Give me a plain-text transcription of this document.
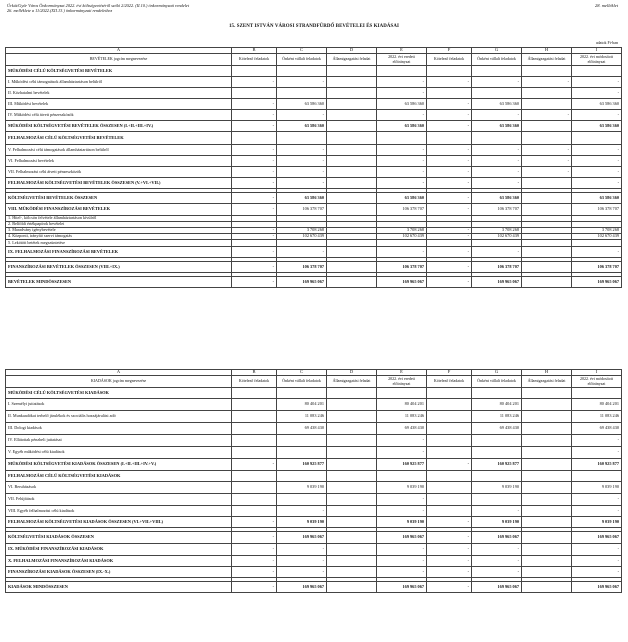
Úrkút/Győr Város Önkormányzat 2022. évi költségvetéséről szóló 2/2022. (II.10.) önkormányzati rendelet
26. melléklete a 11/2022.(XII.13.) önkormányzati rendelethez
28. melléklet
15. SZENT ISTVÁN VÁROSI STRANDFÜRDŐ BEVÉTELEI ÉS KIADÁSAI
adatok Ft-ban
A	B	C	D	E	F	G	H	I
BEVÉTELEK jogcím megnevezése	Kötelező feladatok	Önként vállalt feladatok	Államigazgatási feladat	2022. évi eredeti előirányzat	Kötelező feladatok	Önként vállalt feladatok	Államigazgatási feladat	2022. évi módosított előirányzat
MŰKÖDÉSI CÉLÚ KÖLTSÉGVETÉSI BEVÉTELEK								
I. Működési célú támogatások államháztartáson belülről	-	-		-	-	-	-	-
II. Közhatalmi bevételek				-				-
III. Működési bevételek	-	63 586 360		63 586 360	-	63 586 360		63 586 360
IV. Működési célú átvett pénzeszközök	-	-		-	-	-	-	-
MŰKÖDÉSI KÖLTSÉGVETÉSI BEVÉTELEK ÖSSZESEN (I.+II.+III.+IV.)	-	63 586 360		63 586 360	-	63 586 360		63 586 360
FELHALMOZÁSI CÉLÚ KÖLTSÉGVETÉSI BEVÉTELEK								
V. Felhalmozási célú támogatások államháztartáson belülről	-	-		-	-	-	-	-
VI. Felhalmozási bevételek	-	-		-	-	-	-	-
VII. Felhalmozási célú átvett pénzeszközök	-	-		-	-	-	-	-
FELHALMOZÁSI KÖLTSÉGVETÉSI BEVÉTELEK ÖSSZESEN (V.+VI.+VII.)	-	-		-	-	-		-

KÖLTSÉGVETÉSI BEVÉTELEK ÖSSZESEN	-	63 586 360		63 586 360	-	63 586 360		63 586 360
VIII. MŰKÖDÉSI FINANSZÍROZÁSI BEVÉTELEK	-	106 378 707		106 378 707	-	106 378 707		106 378 707
1. Hitel-, kölcsön felvétele államháztartáson kívülről								
2. Belföldi értékpapírok bevételei								
3. Maradvány igénybevétele	-	3 708 268		3 708 268	-	3 708 268		3 708 268
4. Központi, irányító szervi támogatás	-	102 670 439		102 670 439	-	102 670 439		102 670 439
5. Lekötött betétek megszüntetése								
IX. FELHALMOZÁSI FINANSZÍROZÁSI BEVÉTELEK	-	-		-	-	-		-

FINANSZÍROZÁSI BEVÉTELEK ÖSSZESEN (VIII.+IX.)	-	106 378 707		106 378 707	-	106 378 707		106 378 707

BEVÉTELEK MINDÖSSZESEN	-	169 965 067		169 965 067	-	169 965 067		169 965 067
A	B	C	D	E	F	G	H	I
KIADÁSOK jogcím megnevezése	Kötelező feladatok	Önként vállalt feladatok	Államigazgatási feladat	2022. évi eredeti előirányzat	Kötelező feladatok	Önként vállalt feladatok	Államigazgatási feladat	2022. évi módosított előirányzat
MŰKÖDÉSI CÉLÚ KÖLTSÉGVETÉSI KIADÁSOK								
I. Személyi juttatások		80 404 201		80 404 201		80 404 201		80 404 201
II. Munkaadókat terhelő járulékok és szociális hozzájárulási adó		11 083 246		11 083 246		11 083 246		11 083 246
III. Dologi kiadások		69 438 430		69 438 430		69 438 430		69 438 430
IV. Ellátottak pénzbeli juttatásai				-				-
V. Egyéb működési célú kiadások				-				-
MŰKÖDÉSI KÖLTSÉGVETÉSI KIADÁSOK ÖSSZESEN (I.+II.+III.+IV.+V.)	-	160 925 877		160 925 877	-	160 925 877		160 925 877
FELHALMOZÁSI CÉLÚ KÖLTSÉGVETÉSI KIADÁSOK								
VI. Beruházások		9 039 190		9 039 190		9 039 190		9 039 190
VII. Felújítások				-				-
VIII. Egyéb felhalmozási célú kiadások		-		-		-		-
FELHALMOZÁSI KÖLTSÉGVETÉSI KIADÁSOK ÖSSZESEN (VI.+VII.+VIII.)	-	9 039 190		9 039 190	-	9 039 190		9 039 190

KÖLTSÉGVETÉSI KIADÁSOK ÖSSZESEN	-	169 965 067		169 965 067	-	169 965 067		169 965 067
IX. MŰKÖDÉSI FINANSZÍROZÁSI KIADÁSOK	-	-		-	-	-		-
X. FELHALMOZÁSI FINANSZÍROZÁSI KIADÁSOK	-	-		-	-	-		-
FINANSZÍROZÁSI KIADÁSOK ÖSSZESEN (IX.-X.)	-	-		-	-	-		-

KIADÁSOK MINDÖSSZESEN	-	169 965 067		169 965 067	-	169 965 067		169 965 067
